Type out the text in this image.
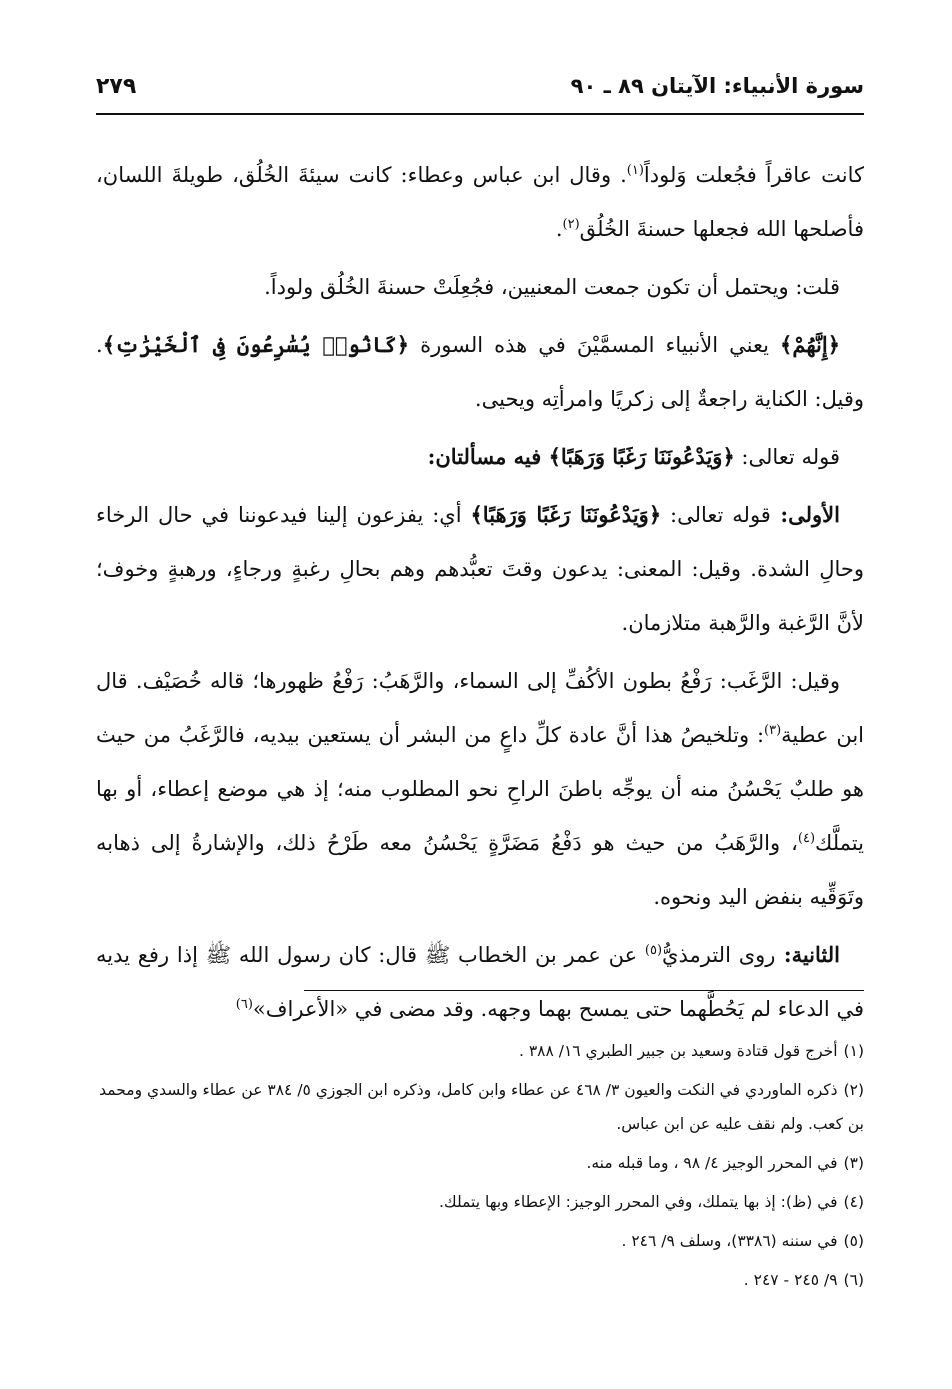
سورة الأنبياء: الآيتان ٨٩ ـ ٩٠
٢٧٩

كانت عاقراً فجُعلت وَلوداً$^{(١)}$. وقال ابن عباس وعطاء: كانت سيئةَ الخُلُق، طويلةَ اللسان، فأصلحها الله فجعلها حسنةَ الخُلُق$^{(٢)}$.

قلت: ويحتمل أن تكون جمعت المعنيين، فجُعِلَتْ حسنةَ الخُلُق ولوداً.

﴿إِنَّهُمْ﴾ يعني الأنبياء المسمَّيْنَ في هذه السورة ﴿كَانُوا۟ يُسَٰرِعُونَ فِى ٱلْخَيْرَٰتِ﴾. وقيل: الكناية راجعةٌ إلى زكريًا وامرأتِه ويحيى.

قوله تعالى: ﴿وَيَدْعُونَنَا رَغَبًا وَرَهَبًا﴾ فيه مسألتان:

الأولى: قوله تعالى: ﴿وَيَدْعُونَنَا رَغَبًا وَرَهَبًا﴾ أي: يفزعون إلينا فيدعوننا في حال الرخاء وحالِ الشدة. وقيل: المعنى: يدعون وقتَ تعبُّدهم وهم بحالِ رغبةٍ ورجاءٍ، ورهبةٍ وخوف؛ لأنَّ الرَّغبة والرَّهبة متلازمان.

وقيل: الرَّغَب: رَفْعُ بطون الأكُفِّ إلى السماء، والرَّهَبُ: رَفْعُ ظهورها؛ قاله خُصَيْف. قال ابن عطية$^{(٣)}$: وتلخيصُ هذا أنَّ عادة كلِّ داعٍ من البشر أن يستعين بيديه، فالرَّغَبُ من حيث هو طلبٌ يَحْسُنُ منه أن يوجِّه باطنَ الراحِ نحو المطلوب منه؛ إذ هي موضع إعطاء، أو بها يتملَّك$^{(٤)}$، والرَّهَبُ من حيث هو دَفْعُ مَضَرَّةٍ يَحْسُنُ معه طَرْحُ ذلك، والإشارةُ إلى ذهابه وتَوَقِّيه بنفض اليد ونحوه.

الثانية: روى الترمذيُّ$^{(٥)}$ عن عمر بن الخطاب ﷺ قال: كان رسول الله ﷺ إذا رفع يديه في الدعاء لم يَحُطَّهما حتى يمسح بهما وجهه. وقد مضى في «الأعراف»$^{(٦)}$

(١)أخرج قول قتادة وسعيد بن جبير الطبري ١٦/ ٣٨٨ .
(٢)ذكره الماوردي في النكت والعيون ٣/ ٤٦٨ عن عطاء وابن كامل، وذكره ابن الجوزي ٥/ ٣٨٤ عن عطاء والسدي ومحمد بن كعب. ولم نقف عليه عن ابن عباس.
(٣)في المحرر الوجيز ٤/ ٩٨ ، وما قبله منه.
(٤)في (ظ): إذ بها يتملك، وفي المحرر الوجيز: الإعطاء وبها يتملك.
(٥)في سننه (٣٣٨٦)، وسلف ٩/ ٢٤٦ .
(٦)٩/ ٢٤٥ - ٢٤٧ .
